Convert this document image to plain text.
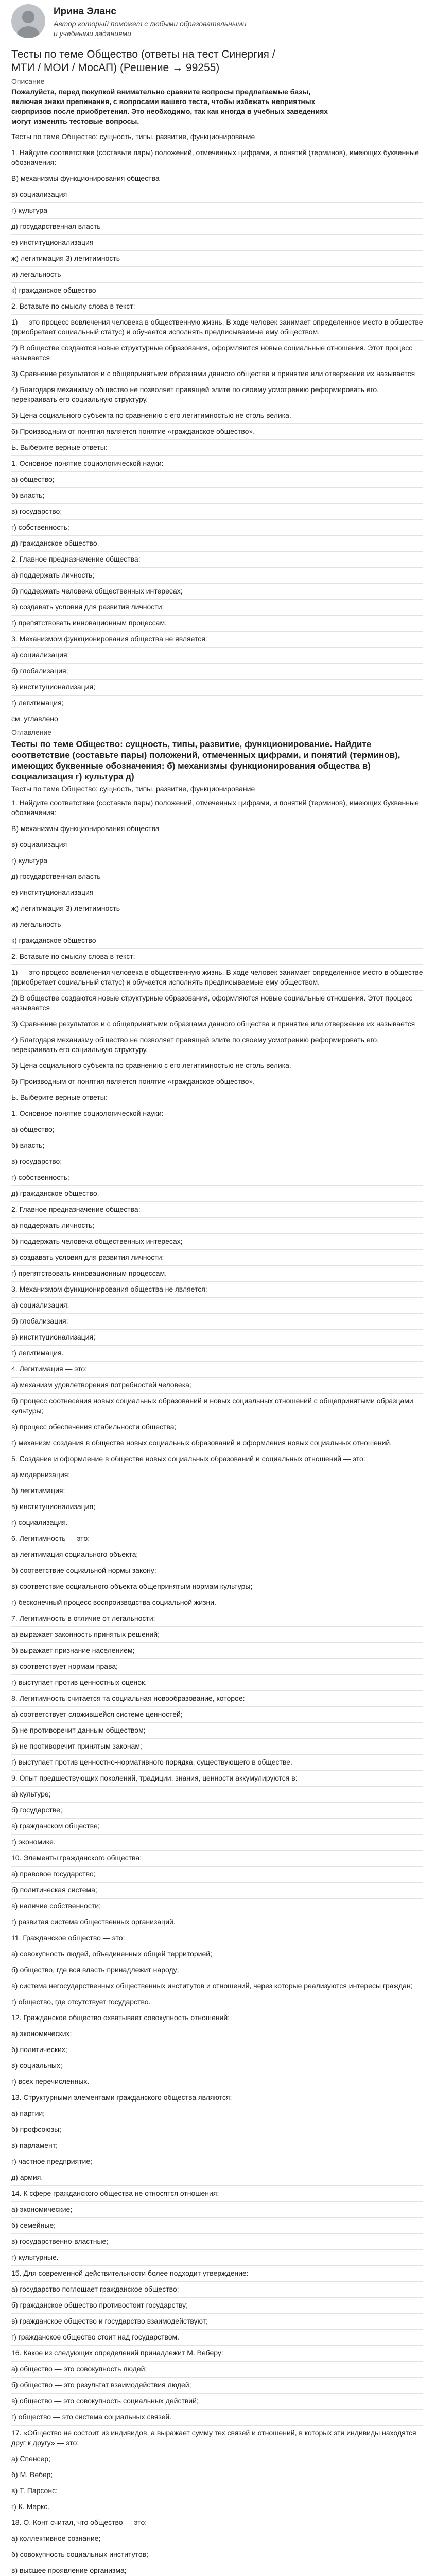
Ирина Эланс
Автор который поможет с любыми образовательными и учебными заданиями
Тесты по теме Общество (ответы на тест Синергия / МТИ / МОИ / МосАП) (Решение → 99255)
Описание
Пожалуйста, перед покупкой внимательно сравните вопросы предлагаемые базы, включая знаки препинания, с вопросами вашего теста, чтобы избежать неприятных сюрпризов после приобретения. Это необходимо, так как иногда в учебных заведениях могут изменять тестовые вопросы.
Тесты по теме Общество: сущность, типы, развитие, функционирование
1. Найдите соответствие (составьте пары) положений, отмеченных цифрами, и понятий (терминов), имеющих буквенные обозначения:
В) механизмы функционирования общества
в) социализация
г) культура
д) государственная власть
е) институционализация
ж) легитимация 3) легитимность
и) легальность
к) гражданское общество
2. Вставьте по смыслу слова в текст:
1) — это процесс вовлечения человека в общественную жизнь. В ходе человек занимает определенное место в обществе (приобретает социальный статус) и обучается исполнять предписываемые ему обществом.
2) В обществе создаются новые структурные образования, оформляются новые социальные отношения. Этот процесс называется
3) Сравнение результатов и с общепринятыми образцами данного общества и принятие или отвержение их называется
4) Благодаря механизму общество не позволяет правящей элите по своему усмотрению реформировать его, перекраивать его социальную структуру.
5) Цена социального субъекта по сравнению с его легитимностью не столь велика.
6) Производным от понятия является понятие «гражданское общество».
Ь. Выберите верные ответы:
1. Основное понятие социологической науки:
а) общество;
б) власть;
в) государство;
г) собственность;
д) гражданское общество.
2. Главное предназначение общества:
а) поддержать личность;
б) поддержать человека общественных интересах;
в) создавать условия для развития личности;
г) препятствовать инновационным процессам.
3. Механизмом функционирования общества не является:
а) социализация;
б) глобализация;
в) институционализация;
г) легитимация;
см. углавлено
Оглавление
Тесты по теме Общество: сущность, типы, развитие, функционирование. Найдите соответствие (составьте пары) положений, отмеченных цифрами, и понятий (терминов), имеющих буквенные обозначения: б) механизмы функционирования общества в) социализация г) культура д)
Тесты по теме Общество: сущность, типы, развитие, функционирование
1. Найдите соответствие (составьте пары) положений, отмеченных цифрами, и понятий (терминов), имеющих буквенные обозначения:
В) механизмы функционирования общества
в) социализация
г) культура
д) государственная власть
е) институционализация
ж) легитимация 3) легитимность
и) легальность
к) гражданское общество
2. Вставьте по смыслу слова в текст:
1) — это процесс вовлечения человека в общественную жизнь. В ходе человек занимает определенное место в обществе (приобретает социальный статус) и обучается исполнять предписываемые ему обществом.
2) В обществе создаются новые структурные образования, оформляются новые социальные отношения. Этот процесс называется
3) Сравнение результатов и с общепринятыми образцами данного общества и принятие или отвержение их называется
4) Благодаря механизму общество не позволяет правящей элите по своему усмотрению реформировать его, перекраивать его социальную структуру.
5) Цена социального субъекта по сравнению с его легитимностью не столь велика.
6) Производным от понятия является понятие «гражданское общество».
Ь. Выберите верные ответы:
1. Основное понятие социологической науки:
а) общество;
б) власть;
в) государство;
г) собственность;
д) гражданское общество.
2. Главное предназначение общества:
а) поддержать личность;
б) поддержать человека общественных интересах;
в) создавать условия для развития личности;
г) препятствовать инновационным процессам.
3. Механизмом функционирования общества не является:
а) социализация;
б) глобализация;
в) институционализация;
г) легитимация.
4. Легитимация — это:
а) механизм удовлетворения потребностей человека;
б) процесс соотнесения новых социальных образований и новых социальных отношений с общепринятыми образцами культуры;
в) процесс обеспечения стабильности общества;
г) механизм создания в обществе новых социальных образований и оформления новых социальных отношений.
5. Создание и оформление в обществе новых социальных образований и социальных отношений — это:
а) модернизация;
б) легитимация;
в) институционализация;
г) социализация.
6. Легитимность — это:
а) легитимация социального объекта;
б) соответствие социальной нормы закону;
в) соответствие социального объекта общепринятым нормам культуры;
г) бесконечный процесс воспроизводства социальной жизни.
7. Легитимность в отличие от легальности:
а) выражает законность принятых решений;
б) выражает признание населением;
в) соответствует нормам права;
г) выступает против ценностных оценок.
8. Легитимность считается та социальная новообразование, которое:
а) соответствует сложившейся системе ценностей;
б) не противоречит данным обществом;
в) не противоречит принятым законам;
г) выступает против ценностно-нормативного порядка, существующего в обществе.
9. Опыт предшествующих поколений, традиции, знания, ценности аккумулируются в:
а) культуре;
б) государстве;
в) гражданском обществе;
г) экономике.
10. Элементы гражданского общества:
а) правовое государство;
б) политическая система;
в) наличие собственности;
г) развитая система общественных организаций.
11. Гражданское общество — это:
а) совокупность людей, объединенных общей территорией;
б) общество, где вся власть принадлежит народу;
в) система негосударственных общественных институтов и отношений, через которые реализуются интересы граждан;
г) общество, где отсутствует государство.
12. Гражданское общество охватывает совокупность отношений:
а) экономических;
б) политических;
в) социальных;
г) всех перечисленных.
13. Структурными элементами гражданского общества являются:
а) партии;
б) профсоюзы;
в) парламент;
г) частное предприятие;
д) армия.
14. К сфере гражданского общества не относятся отношения:
а) экономические;
б) семейные;
в) государственно-властные;
г) культурные.
15. Для современной действительности более подходит утверждение:
а) государство поглощает гражданское общество;
б) гражданское общество противостоит государству;
в) гражданское общество и государство взаимодействуют;
г) гражданское общество стоит над государством.
16. Какое из следующих определений принадлежит М. Веберу:
а) общество — это совокупность людей;
б) общество — это результат взаимодействия людей;
в) общество — это совокупность социальных действий;
г) общество — это система социальных связей.
17. «Общество не состоит из индивидов, а выражает сумму тех связей и отношений, в которых эти индивиды находятся друг к другу» — это:
а) Спенсер;
б) М. Вебер;
в) Т. Парсонс;
г) К. Маркс.
18. О. Конт считал, что общество — это:
а) коллективное сознание;
б) совокупность социальных институтов;
в) высшее проявление организма;
